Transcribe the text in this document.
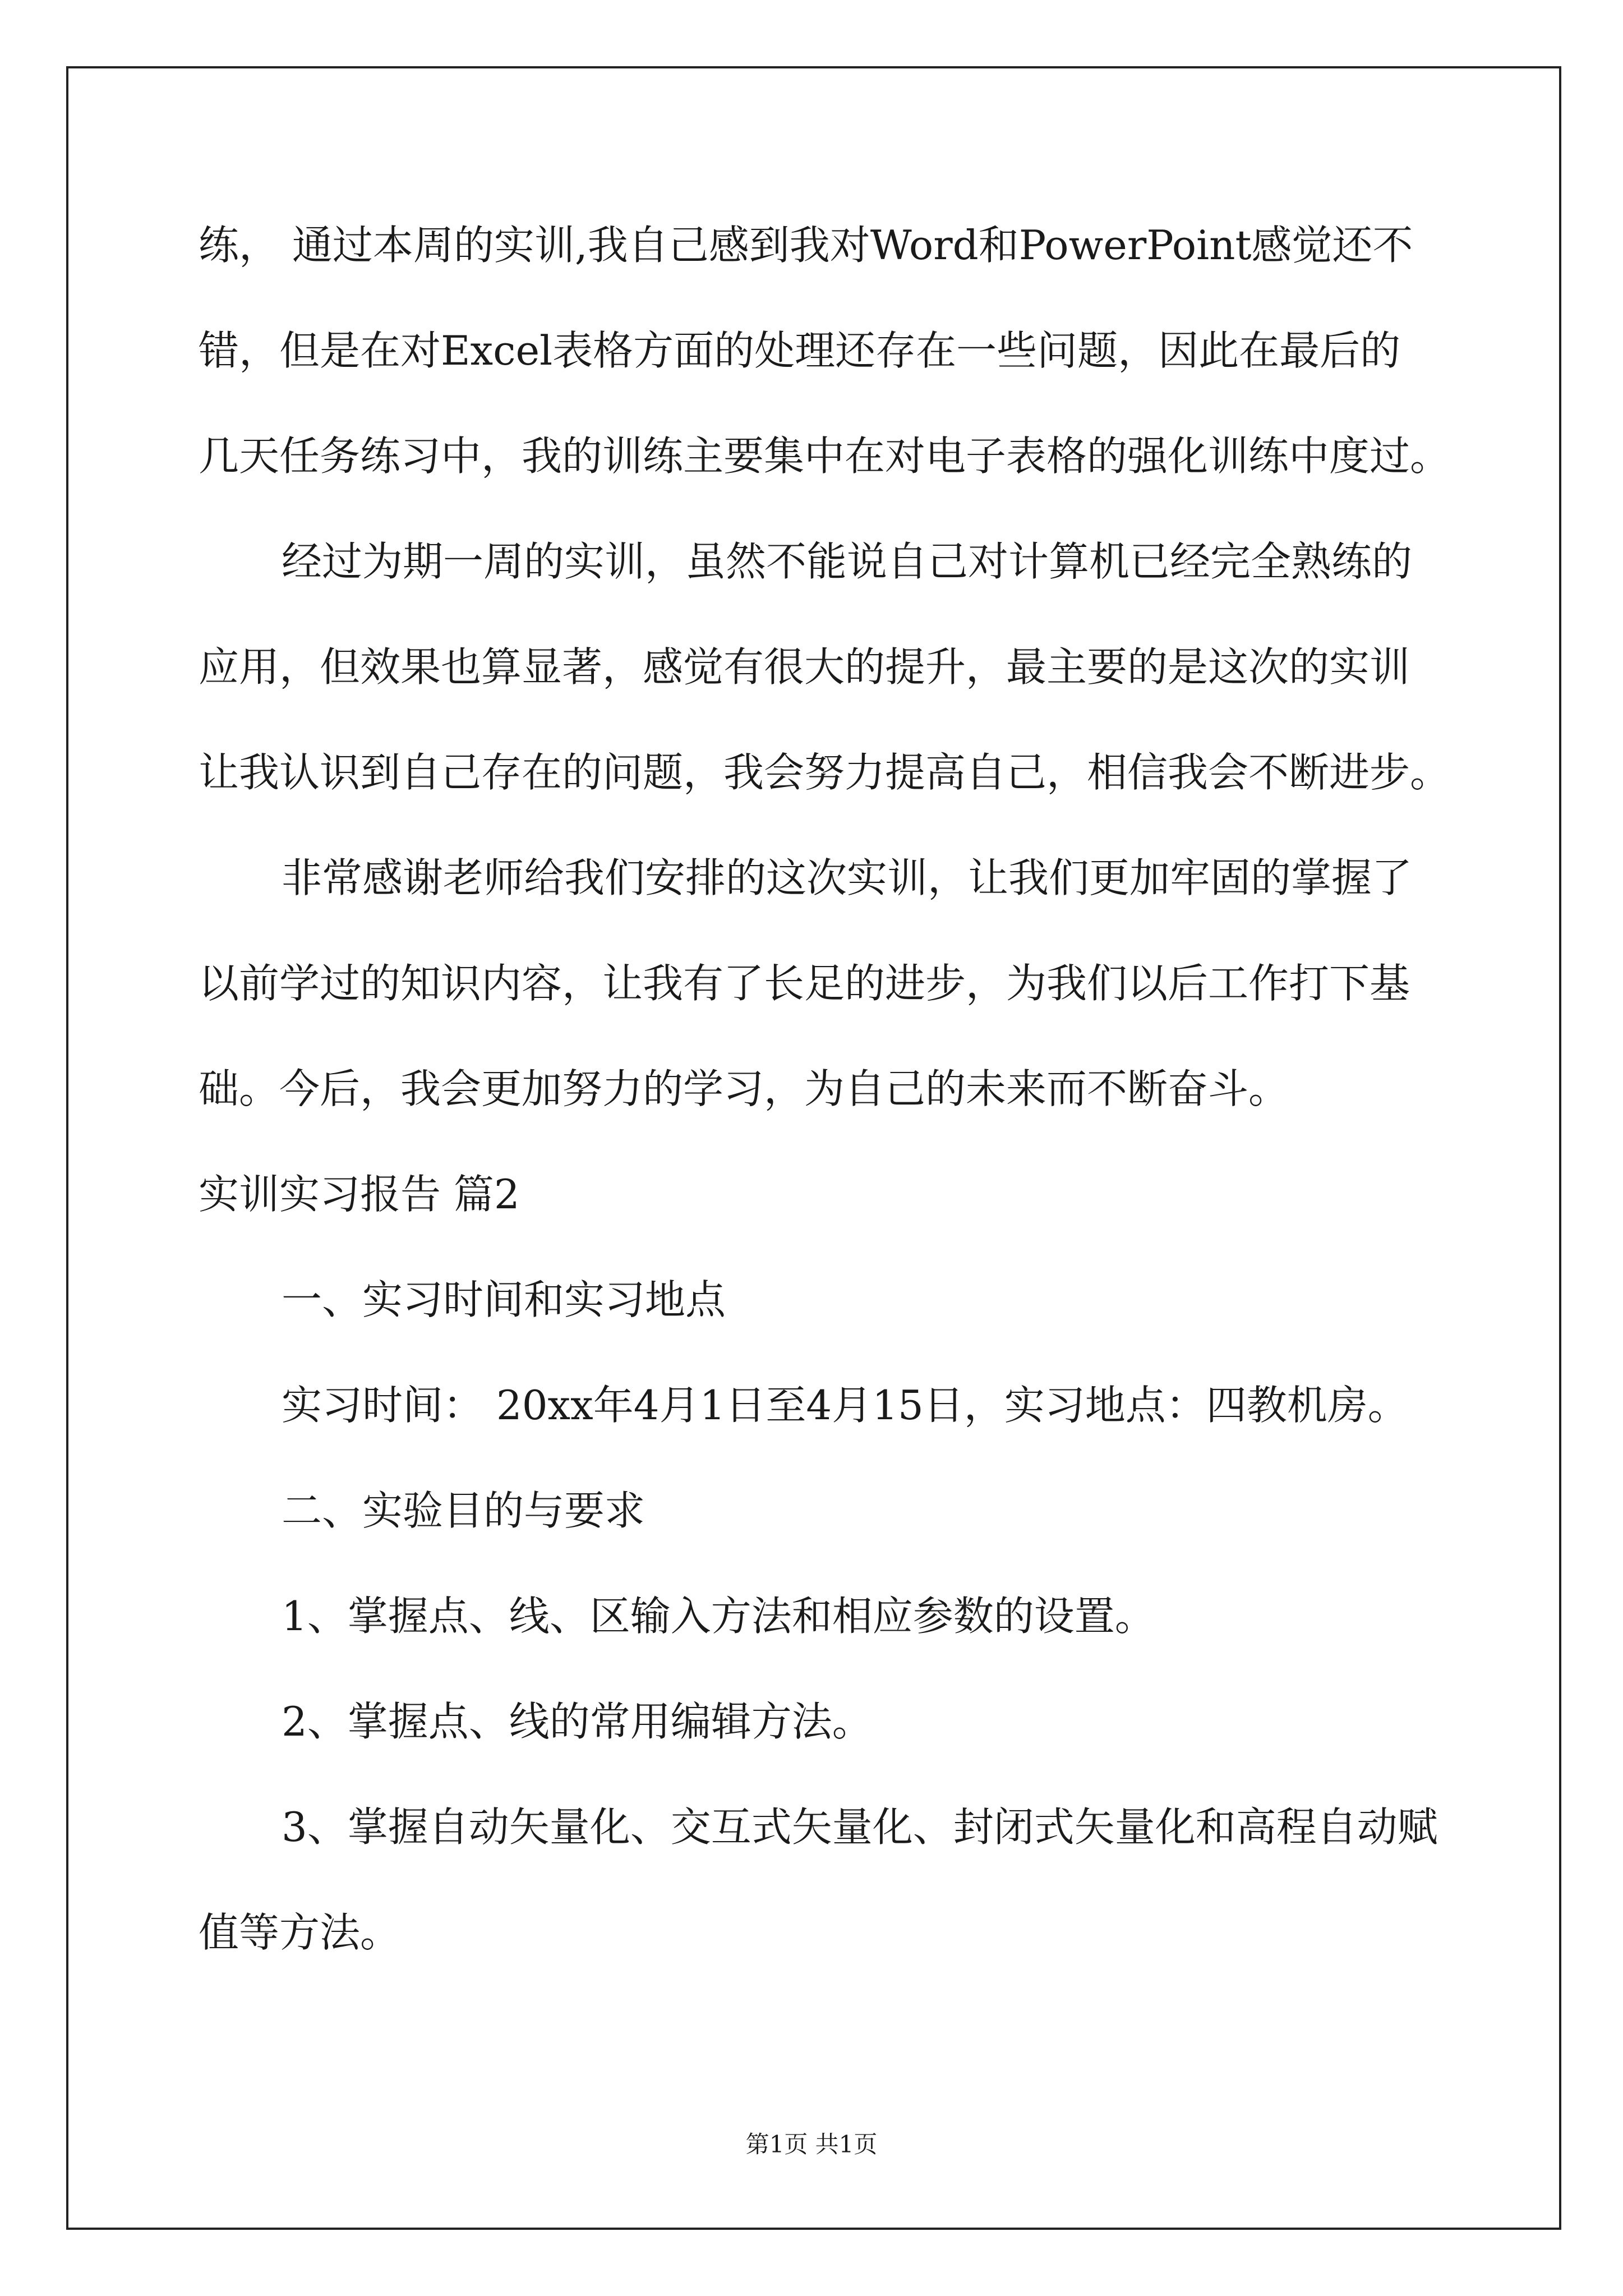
练， 通过本周的实训,我自己感到我对Word和PowerPoint感觉还不
错，但是在对Excel表格方面的处理还存在一些问题，因此在最后的
几天任务练习中，我的训练主要集中在对电子表格的强化训练中度过。
经过为期一周的实训，虽然不能说自己对计算机已经完全熟练的
应用，但效果也算显著，感觉有很大的提升，最主要的是这次的实训
让我认识到自己存在的问题，我会努力提高自己，相信我会不断进步。
非常感谢老师给我们安排的这次实训，让我们更加牢固的掌握了
以前学过的知识内容，让我有了长足的进步，为我们以后工作打下基
础。今后，我会更加努力的学习，为自己的未来而不断奋斗。
实训实习报告 篇2
一、实习时间和实习地点
实习时间： 20xx年4月1日至4月15日，实习地点：四教机房。
二、实验目的与要求
1、掌握点、线、区输入方法和相应参数的设置。
2、掌握点、线的常用编辑方法。
3、掌握自动矢量化、交互式矢量化、封闭式矢量化和高程自动赋
值等方法。
第1页 共1页
